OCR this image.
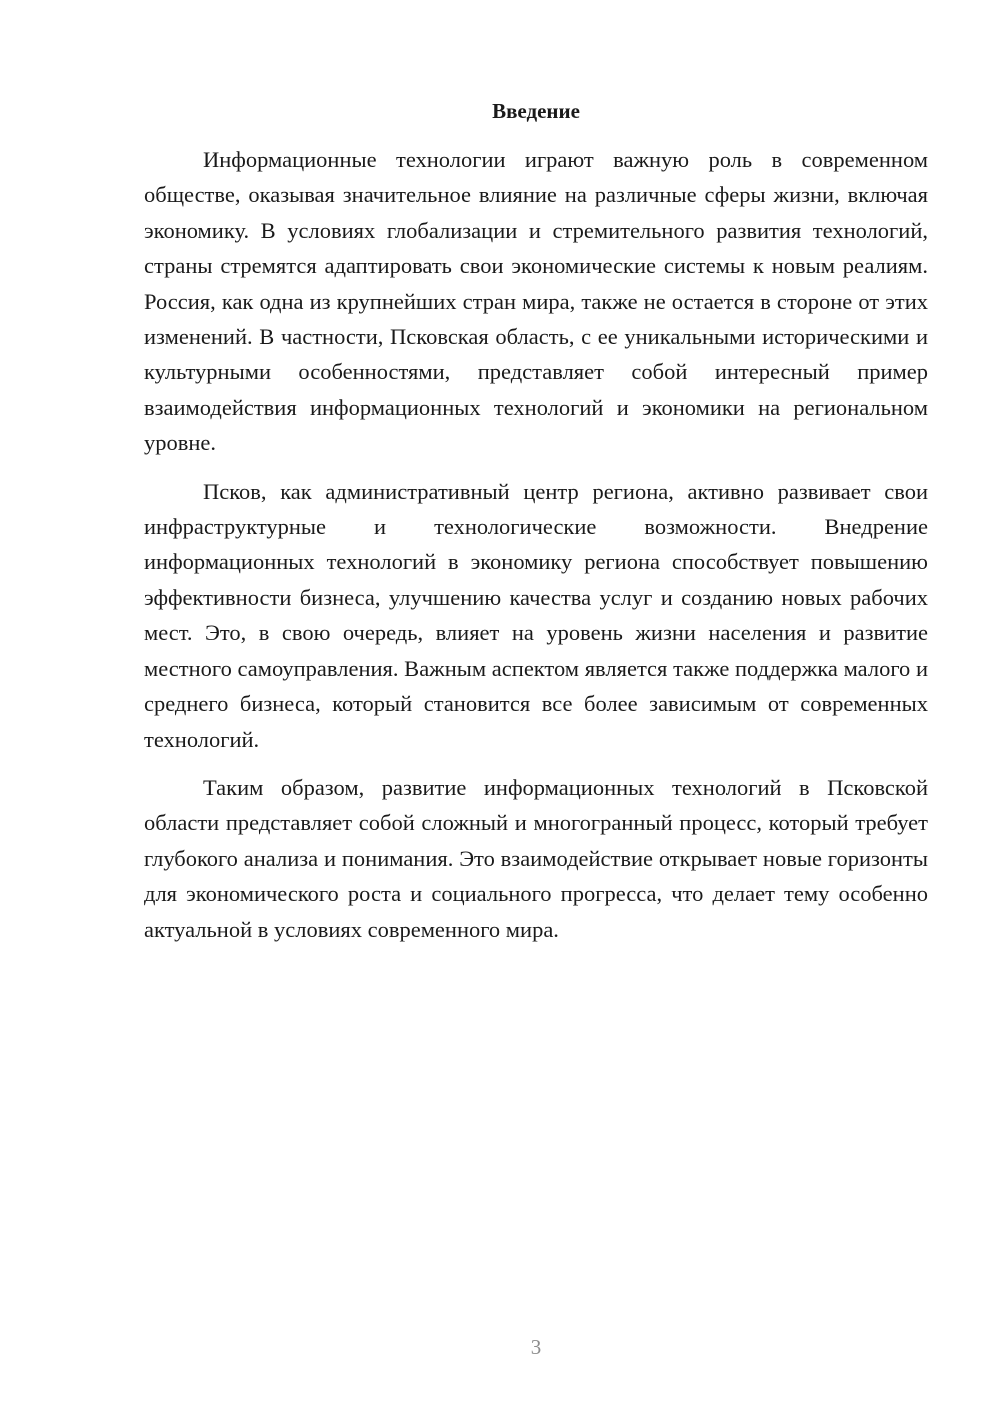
Введение

Информационные технологии играют важную роль в современном обществе, оказывая значительное влияние на различные сферы жизни, включая экономику. В условиях глобализации и стремительного развития технологий, страны стремятся адаптировать свои экономические системы к новым реалиям. Россия, как одна из крупнейших стран мира, также не остается в стороне от этих изменений. В частности, Псковская область, с ее уникальными историческими и культурными особенностями, представляет собой интересный пример взаимодействия информационных технологий и экономики на региональном уровне.

Псков, как административный центр региона, активно развивает свои инфраструктурные и технологические возможности. Внедрение информационных технологий в экономику региона способствует повышению эффективности бизнеса, улучшению качества услуг и созданию новых рабочих мест. Это, в свою очередь, влияет на уровень жизни населения и развитие местного самоуправления. Важным аспектом является также поддержка малого и среднего бизнеса, который становится все более зависимым от современных технологий.

Таким образом, развитие информационных технологий в Псковской области представляет собой сложный и многогранный процесс, который требует глубокого анализа и понимания. Это взаимодействие открывает новые горизонты для экономического роста и социального прогресса, что делает тему особенно актуальной в условиях современного мира.

3
